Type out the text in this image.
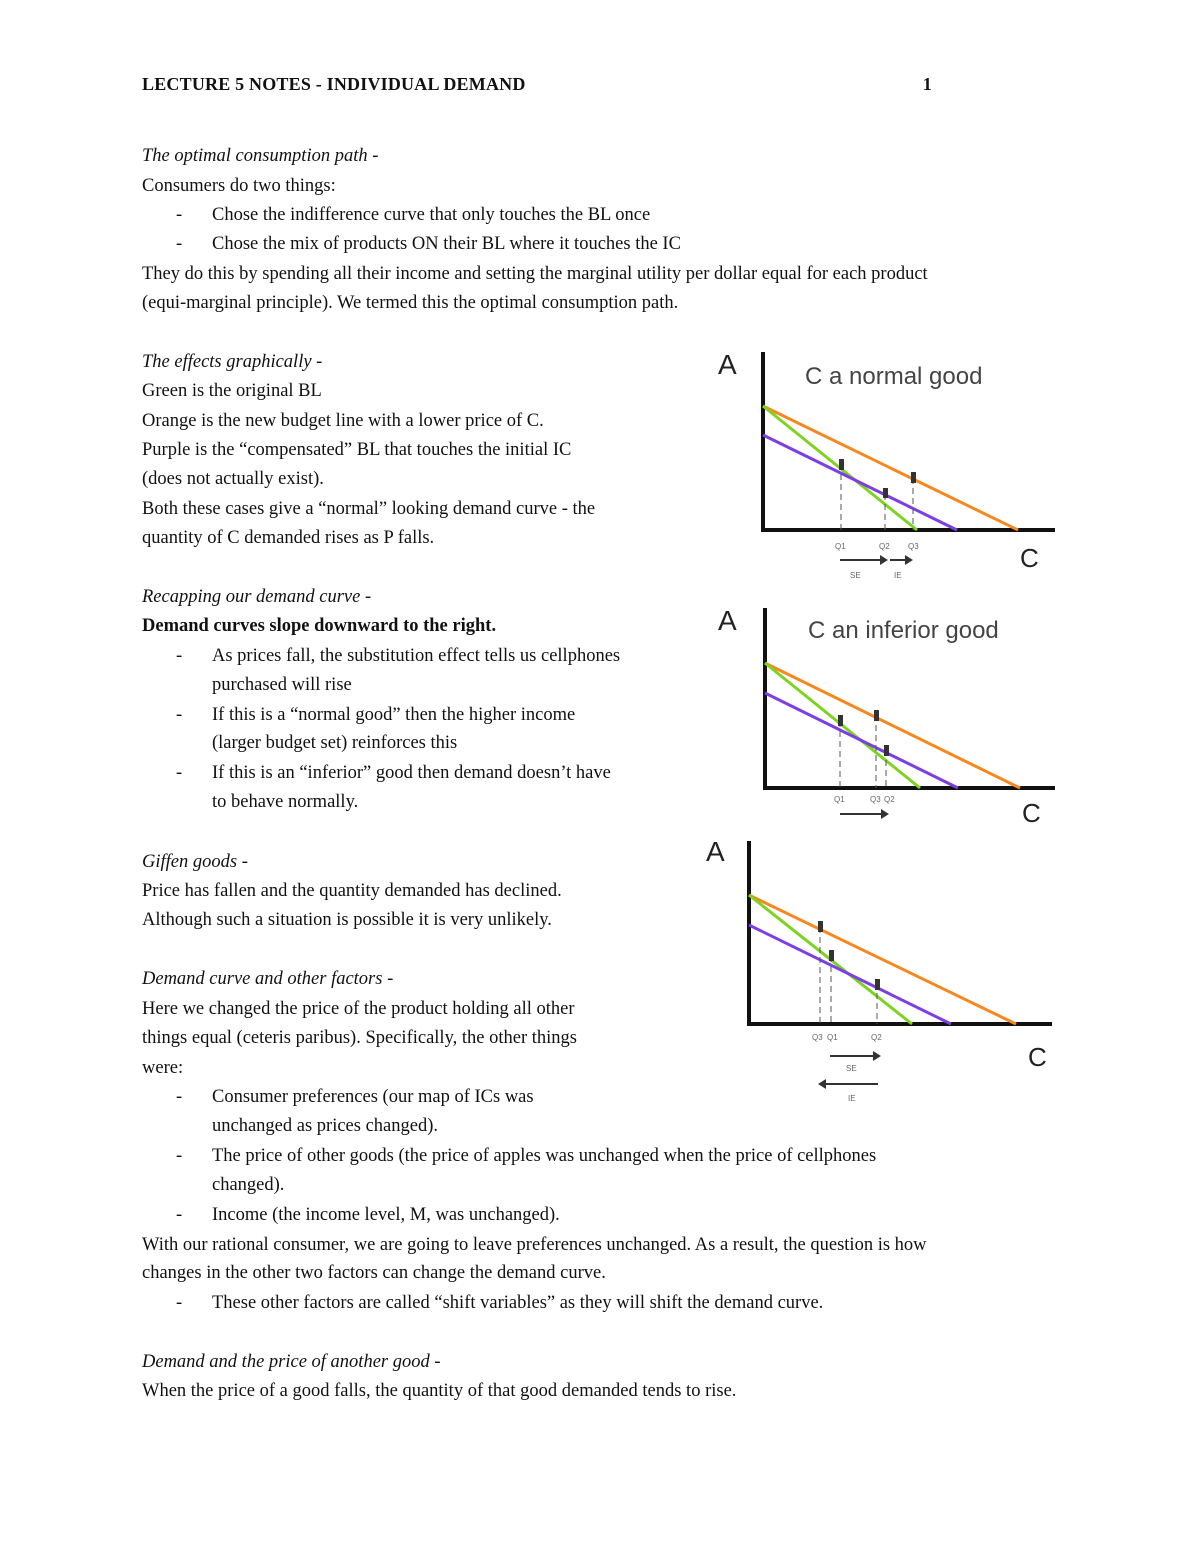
LECTURE 5 NOTES - INDIVIDUAL DEMAND	1
The optimal consumption path -
Consumers do two things:
- Chose the indifference curve that only touches the BL once
- Chose the mix of products ON their BL where it touches the IC
They do this by spending all their income and setting the marginal utility per dollar equal for each product
(equi-marginal principle). We termed this the optimal consumption path.
The effects graphically -
Green is the original BL
Orange is the new budget line with a lower price of C.
Purple is the “compensated” BL that touches the initial IC
(does not actually exist).
Both these cases give a “normal” looking demand curve - the
quantity of C demanded rises as P falls.
Recapping our demand curve -
Demand curves slope downward to the right.
- As prices fall, the substitution effect tells us cellphones
purchased will rise
- If this is a “normal good” then the higher income
(larger budget set) reinforces this
- If this is an “inferior” good then demand doesn’t have
to behave normally.
Giffen goods -
Price has fallen and the quantity demanded has declined.
Although such a situation is possible it is very unlikely.
Demand curve and other factors -
Here we changed the price of the product holding all other
things equal (ceteris paribus). Specifically, the other things
were:
- Consumer preferences (our map of ICs was
unchanged as prices changed).
- The price of other goods (the price of apples was unchanged when the price of cellphones
changed).
- Income (the income level, M, was unchanged).
With our rational consumer, we are going to leave preferences unchanged. As a result, the question is how
changes in the other two factors can change the demand curve.
- These other factors are called “shift variables” as they will shift the demand curve.
Demand and the price of another good -
When the price of a good falls, the quantity of that good demanded tends to rise.
A	C a normal good
Q1	Q2 Q3
SE	IE
C
A	C an inferior good
Q1	Q3 Q2	C
A
Q3 Q1	Q2
SE
IE
C
